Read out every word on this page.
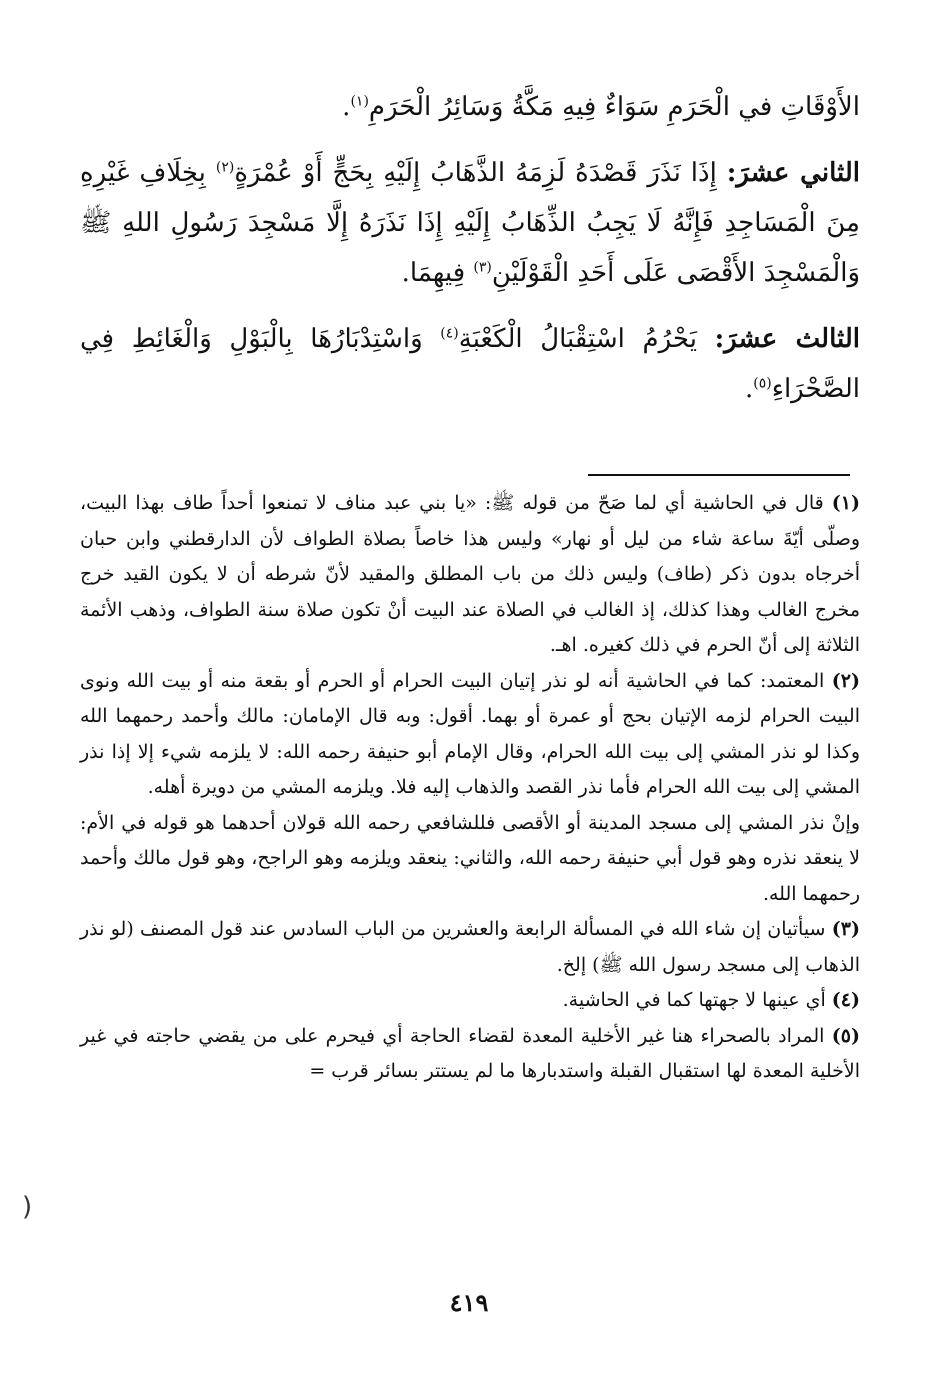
الأَوْقَاتِ في الْحَرَمِ سَوَاءٌ فِيهِ مَكَّةُ وَسَائِرُ الْحَرَمِ$^{(١)}$.

الثاني عشرَ: إِذَا نَذَرَ قَصْدَهُ لَزِمَهُ الذَّهَابُ إِلَيْهِ بِحَجٍّ أَوْ عُمْرَةٍ$^{(٢)}$ بِخِلَافِ غَيْرِهِ مِنَ الْمَسَاجِدِ فَإِنَّهُ لَا يَجِبُ الذِّهَابُ إِلَيْهِ إِذَا نَذَرَهُ إِلَّا مَسْجِدَ رَسُولِ اللهِ ﷺ وَالْمَسْجِدَ الأَقْصَى عَلَى أَحَدِ الْقَوْلَيْنِ$^{(٣)}$ فِيهِمَا.

الثالث عشرَ: يَحْرُمُ اسْتِقْبَالُ الْكَعْبَةِ$^{(٤)}$ وَاسْتِدْبَارُهَا بِالْبَوْلِ وَالْغَائِطِ فِي الصَّحْرَاءِ$^{(٥)}$.

(١) قال في الحاشية أي لما صَحّ من قوله ﷺ: «يا بني عبد مناف لا تمنعوا أحداً طاف بهذا البيت، وصلّى أيّةَ ساعة شاء من ليل أو نهار» وليس هذا خاصاً بصلاة الطواف لأن الدارقطني وابن حبان أخرجاه بدون ذكر (طاف) وليس ذلك من باب المطلق والمقيد لأنّ شرطه أن لا يكون القيد خرج مخرج الغالب وهذا كذلك، إذ الغالب في الصلاة عند البيت أنْ تكون صلاة سنة الطواف، وذهب الأئمة الثلاثة إلى أنّ الحرم في ذلك كغيره. اهـ.

(٢) المعتمد: كما في الحاشية أنه لو نذر إتيان البيت الحرام أو الحرم أو بقعة منه أو بيت الله ونوى البيت الحرام لزمه الإتيان بحج أو عمرة أو بهما. أقول: وبه قال الإمامان: مالك وأحمد رحمهما الله وكذا لو نذر المشي إلى بيت الله الحرام، وقال الإمام أبو حنيفة رحمه الله: لا يلزمه شيء إلا إذا نذر المشي إلى بيت الله الحرام فأما نذر القصد والذهاب إليه فلا. ويلزمه المشي من دويرة أهله.

وإنْ نذر المشي إلى مسجد المدينة أو الأقصى فللشافعي رحمه الله قولان أحدهما هو قوله في الأم: لا ينعقد نذره وهو قول أبي حنيفة رحمه الله، والثاني: ينعقد ويلزمه وهو الراجح، وهو قول مالك وأحمد رحمهما الله.

(٣) سيأتيان إن شاء الله في المسألة الرابعة والعشرين من الباب السادس عند قول المصنف (لو نذر الذهاب إلى مسجد رسول الله ﷺ) إلخ.

(٤) أي عينها لا جهتها كما في الحاشية.

(٥) المراد بالصحراء هنا غير الأخلية المعدة لقضاء الحاجة أي فيحرم على من يقضي حاجته في غير الأخلية المعدة لها استقبال القبلة واستدبارها ما لم يستتر بسائر قرب =

(
٤١٩
